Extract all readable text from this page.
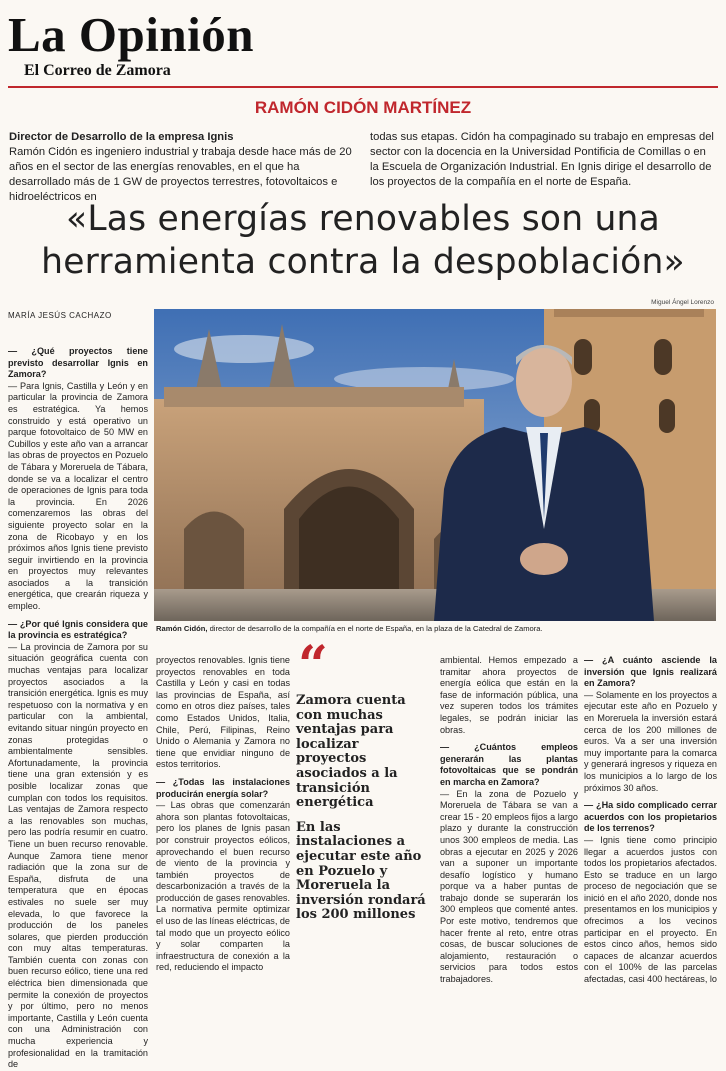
La Opinión
El Correo de Zamora
RAMÓN CIDÓN MARTÍNEZ
Director de Desarrollo de la empresa Ignis
Ramón Cidón es ingeniero industrial y trabaja desde hace más de 20 años en el sector de las energías renovables, en el que ha desarrollado más de 1 GW de proyectos terrestres, fotovoltaicos e hidroeléctricos en
todas sus etapas. Cidón ha compaginado su trabajo en empresas del sector con la docencia en la Universidad Pontificia de Comillas o en la Escuela de Organización Industrial. En Ignis dirige el desarrollo de los proyectos de la compañía en el norte de España.
«Las energías renovables son una herramienta contra la despoblación»
MARÍA JESÚS CACHAZO
Miguel Ángel Lorenzo
Ramón Cidón, director de desarrollo de la compañía en el norte de España, en la plaza de la Catedral de Zamora.
— ¿Qué proyectos tiene previsto desarrollar Ignis en Zamora?
— Para Ignis, Castilla y León y en particular la provincia de Zamora es estratégica. Ya hemos construido y está operativo un parque fotovoltaico de 50 MW en Cubillos y este año van a arrancar las obras de proyectos en Pozuelo de Tábara y Moreruela de Tábara, donde se va a localizar el centro de operaciones de Ignis para toda la provincia. En 2026 comenzaremos las obras del siguiente proyecto solar en la zona de Ricobayo y en los próximos años Ignis tiene previsto seguir invirtiendo en la provincia en proyectos muy relevantes asociados a la transición energética, que crearán riqueza y empleo.
— ¿Por qué Ignis considera que la provincia es estratégica?
— La provincia de Zamora por su situación geográfica cuenta con muchas ventajas para localizar proyectos asociados a la transición energética. Ignis es muy respetuoso con la normativa y en particular con la ambiental, evitando situar ningún proyecto en zonas protegidas o ambientalmente sensibles. Afortunadamente, la provincia tiene una gran extensión y es posible localizar zonas que cumplan con todos los requisitos. Las ventajas de Zamora respecto a las renovables son muchas, pero las podría resumir en cuatro. Tiene un buen recurso renovable. Aunque Zamora tiene menor radiación que la zona sur de España, disfruta de una temperatura que en épocas estivales no suele ser muy elevada, lo que favorece la producción de los paneles solares, que pierden producción con muy altas temperaturas. También cuenta con zonas con buen recurso eólico, tiene una red eléctrica bien dimensionada que permite la conexión de proyectos y por último, pero no menos importante, Castilla y León cuenta con una Administración con mucha experiencia y profesionalidad en la tramitación de
proyectos renovables. Ignis tiene proyectos renovables en toda Castilla y León y casi en todas las provincias de España, así como en otros diez países, tales como Estados Unidos, Italia, Chile, Perú, Filipinas, Reino Unido o Alemania y Zamora no tiene que envidiar ninguno de estos territorios.
— ¿Todas las instalaciones producirán energía solar?
— Las obras que comenzarán ahora son plantas fotovoltaicas, pero los planes de Ignis pasan por construir proyectos eólicos, aprovechando el buen recurso de viento de la provincia y también proyectos de descarbonización a través de la producción de gases renovables. La normativa permite optimizar el uso de las líneas eléctricas, de tal modo que un proyecto eólico y solar comparten la infraestructura de conexión a la red, reduciendo el impacto
“

Zamora cuenta con muchas ventajas para localizar proyectos asociados a la transición energética

En las instalaciones a ejecutar este año en Pozuelo y Moreruela la inversión rondará los 200 millones

ambiental. Hemos empezado a tramitar ahora proyectos de energía eólica que están en la fase de información pública, una vez superen todos los trámites legales, se podrán iniciar las obras.
— ¿Cuántos empleos generarán las plantas fotovoltaicas que se pondrán en marcha en Zamora?
— En la zona de Pozuelo y Moreruela de Tábara se van a crear 15 - 20 empleos fijos a largo plazo y durante la construcción unos 300 empleos de media. Las obras a ejecutar en 2025 y 2026 van a suponer un importante desafío logístico y humano porque va a haber puntas de trabajo donde se superarán los 300 empleos que comenté antes. Por este motivo, tendremos que hacer frente al reto, entre otras cosas, de buscar soluciones de alojamiento, restauración o servicios para todos estos trabajadores.
— ¿A cuánto asciende la inversión que Ignis realizará en Zamora?
— Solamente en los proyectos a ejecutar este año en Pozuelo y en Moreruela la inversión estará cerca de los 200 millones de euros. Va a ser una inversión muy importante para la comarca y generará ingresos y riqueza en los municipios a lo largo de los próximos 30 años.
— ¿Ha sido complicado cerrar acuerdos con los propietarios de los terrenos?
— Ignis tiene como principio llegar a acuerdos justos con todos los propietarios afectados. Esto se traduce en un largo proceso de negociación que se inició en el año 2020, donde nos presentamos en los municipios y ofrecimos a los vecinos participar en el proyecto. En estos cinco años, hemos sido capaces de alcanzar acuerdos con el 100% de las parcelas afectadas, casi 400 hectáreas, lo
